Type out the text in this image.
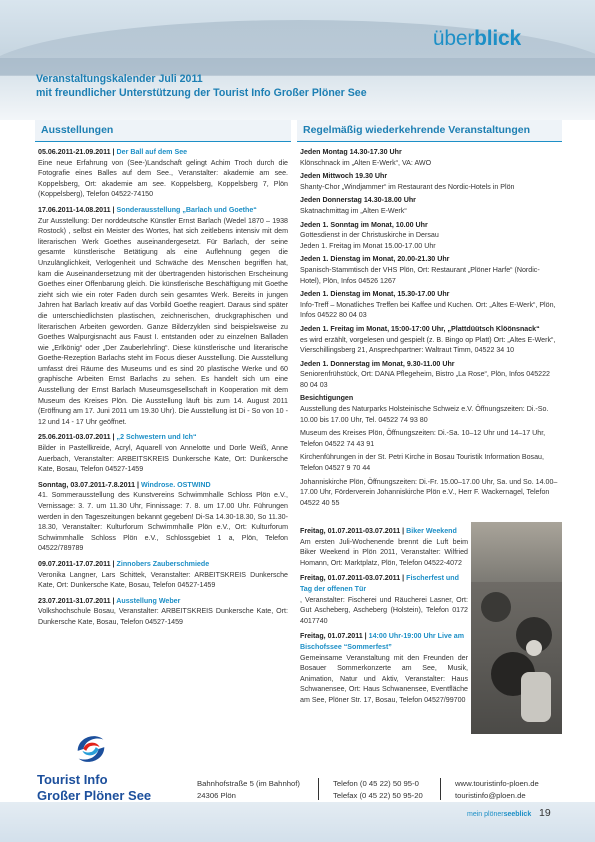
überblick
Veranstaltungskalender Juli 2011
mit freundlicher Unterstützung der Tourist Info Großer Plöner See
Ausstellungen
05.06.2011-21.09.2011 | Der Ball auf dem See
Eine neue Erfahrung von (See-)Landschaft gelingt Achim Troch durch die Fotografie eines Balles auf dem See., Veranstalter: akademie am see. Koppelsberg, Ort: akademie am see. Koppelsberg, Koppelsberg 7, Plön (Koppelsberg), Telefon 04522-74150
17.06.2011-14.08.2011 | Sonderausstellung „Barlach und Goethe“
Zur Ausstellung: Der norddeutsche Künstler Ernst Barlach (Wedel 1870 – 1938 Rostock) , selbst ein Meister des Wortes, hat sich zeitlebens intensiv mit dem literarischen Werk Goethes auseinandergesetzt. Für Barlach, der seine gesamte künstlerische Betätigung als eine Auflehnung gegen die Unzulänglichkeit, Verlogenheit und Schwäche des Menschen begriffen hat, kam die Auseinandersetzung mit der übertragenden historischen Erscheinung Goethes einer Offenbarung gleich. Die künstlerische Beschäftigung mit Goethe zieht sich wie ein roter Faden durch sein gesamtes Werk. Bereits in jungen Jahren hat Barlach kreativ auf das Vorbild Goethe reagiert. Daraus sind später die unterschiedlichsten plastischen, zeichnerischen, druckgraphischen und literarischen Arbeiten geworden. Ganze Bilderzyklen sind beispielsweise zu Goethes Walpurgisnacht aus Faust I. entstanden oder zu einzelnen Balladen wie „Erlkönig“ oder „Der Zauberlehrling“. Diese künstlerische und literarische Goethe-Rezeption Barlachs steht im Focus dieser Ausstellung. Die Ausstellung umfasst drei Räume des Museums und es sind 20 plastische Werke und 60 graphische Arbeiten Ernst Barlachs zu sehen. Es handelt sich um eine Ausstellung der Ernst Barlach Museumsgesellschaft in Kooperation mit dem Museum des Kreises Plön. Die Ausstellung läuft bis zum 14. August 2011 (Eröffnung am 17. Juni 2011 um 19.30 Uhr). Die Ausstellung ist Di - So von 10 - 12 und 14 - 17 Uhr geöffnet.
25.06.2011-03.07.2011 | „2 Schwestern und Ich“
Bilder in Pastellkreide, Acryl, Aquarell von Annelotte und Dorle Weiß, Anne Auerbach, Veranstalter: ARBEITSKREIS Dunkersche Kate, Ort: Dunkersche Kate, Bosau, Telefon 04527-1459
Sonntag, 03.07.2011-7.8.2011 | Windrose. OSTWIND
41. Sommerausstellung des Kunstvereins Schwimmhalle Schloss Plön e.V., Vernissage: 3. 7. um 11.30 Uhr, Finnissage: 7. 8. um 17.00 Uhr. Führungen werden in den Tageszeitungen bekannt gegeben! Di-Sa 14.30-18.30, So 11.30-18.30, Veranstalter: Kulturforum Schwimmhalle Plön e.V., Ort: Kulturforum Schwimmhalle Schloss Plön e.V., Schlossgebiet 1 a, Plön, Telefon 04522/789789
09.07.2011-17.07.2011 | Zinnobers Zauberschmiede
Veronika Langner, Lars Schittek, Veranstalter: ARBEITSKREIS Dunkersche Kate, Ort: Dunkersche Kate, Bosau, Telefon 04527-1459
23.07.2011-31.07.2011 | Ausstellung Weber
Volkshochschule Bosau, Veranstalter: ARBEITSKREIS Dunkersche Kate, Ort: Dunkersche Kate, Bosau, Telefon 04527-1459
Regelmäßig wiederkehrende Veranstaltungen
Jeden Montag 14.30-17.30 Uhr
Klönschnack im „Alten E-Werk“, VA: AWO
Jeden Mittwoch 19.30 Uhr
Shanty-Chor „Windjammer“ im Restaurant des Nordic-Hotels in Plön
Jeden Donnerstag 14.30-18.00 Uhr
Skatnachmittag im „Alten E-Werk“
Jeden 1. Sonntag im Monat, 10.00 Uhr
Gottesdienst in der Christuskirche in Dersau
Jeden 1. Freitag im Monat 15.00-17.00 Uhr
Jeden 1. Dienstag im Monat, 20.00-21.30 Uhr
Spanisch-Stammtisch der VHS Plön, Ort: Restaurant „Plöner Harfe“ (Nordic-Hotel), Plön, Infos 04526 1267
Jeden 1. Dienstag im Monat, 15.30-17.00 Uhr
Info-Treff – Monatliches Treffen bei Kaffee und Kuchen. Ort: „Altes E-Werk“, Plön, Infos 04522 80 04 03
Jeden 1. Freitag im Monat, 15:00-17:00 Uhr, „Plattdüütsch Klöönsnack“
es wird erzählt, vorgelesen und gespielt (z. B. Bingo op Platt) Ort: „Altes E-Werk“, Vierschillingsberg 21, Ansprechpartner: Waltraut Timm, 04522 34 10
Jeden 1. Donnerstag im Monat, 9.30-11.00 Uhr
Seniorenfrühstück, Ort: DANA Pflegeheim, Bistro „La Rose“, Plön, Infos 045222 80 04 03
Besichtigungen
Ausstellung des Naturparks Holsteinische Schweiz e.V. Öffnungszeiten: Di.-So. 10.00 bis 17.00 Uhr, Tel. 04522 74 93 80
Museum des Kreises Plön, Öffnungszeiten: Di.-Sa. 10–12 Uhr und 14–17 Uhr, Telefon 04522 74 43 91
Kirchenführungen in der St. Petri Kirche in Bosau Touristik Information Bosau, Telefon 04527 9 70 44
Johanniskirche Plön, Öffnungszeiten: Di.-Fr. 15.00–17.00 Uhr, Sa. und So. 14.00–17.00 Uhr, Förderverein Johanniskirche Plön e.V., Herr F. Wackernagel, Telefon 04522 40 55
Freitag, 01.07.2011-03.07.2011 | Biker Weekend
Am ersten Juli-Wochenende brennt die Luft beim Biker Weekend in Plön 2011, Veranstalter: Wilfried Homann, Ort: Marktplatz, Plön, Telefon 04522-4072
Freitag, 01.07.2011-03.07.2011 | Fischerfest und Tag der offenen Tür
, Veranstalter: Fischerei und Räucherei Lasner, Ort: Gut Ascheberg, Ascheberg (Holstein), Telefon 0172 4017740
Freitag, 01.07.2011 | 14:00 Uhr-19:00 Uhr Live am Bischofssee “Sommerfest”
Gemeinsame Veranstaltung mit den Freunden der Bosauer Sommerkonzerte am See, Musik, Animation, Natur und Aktiv, Veranstalter: Haus Schwanensee, Ort: Haus Schwanensee, Eventfläche am See, Plöner Str. 17, Bosau, Telefon 04527/99700
Tourist Info
Großer Plöner See
Bahnhofstraße 5 (im Bahnhof)
24306 Plön
Telefon (0 45 22) 50 95-0
Telefax (0 45 22) 50 95-20
www.touristinfo-ploen.de
touristinfo@ploen.de
mein plönerseeblick 19
